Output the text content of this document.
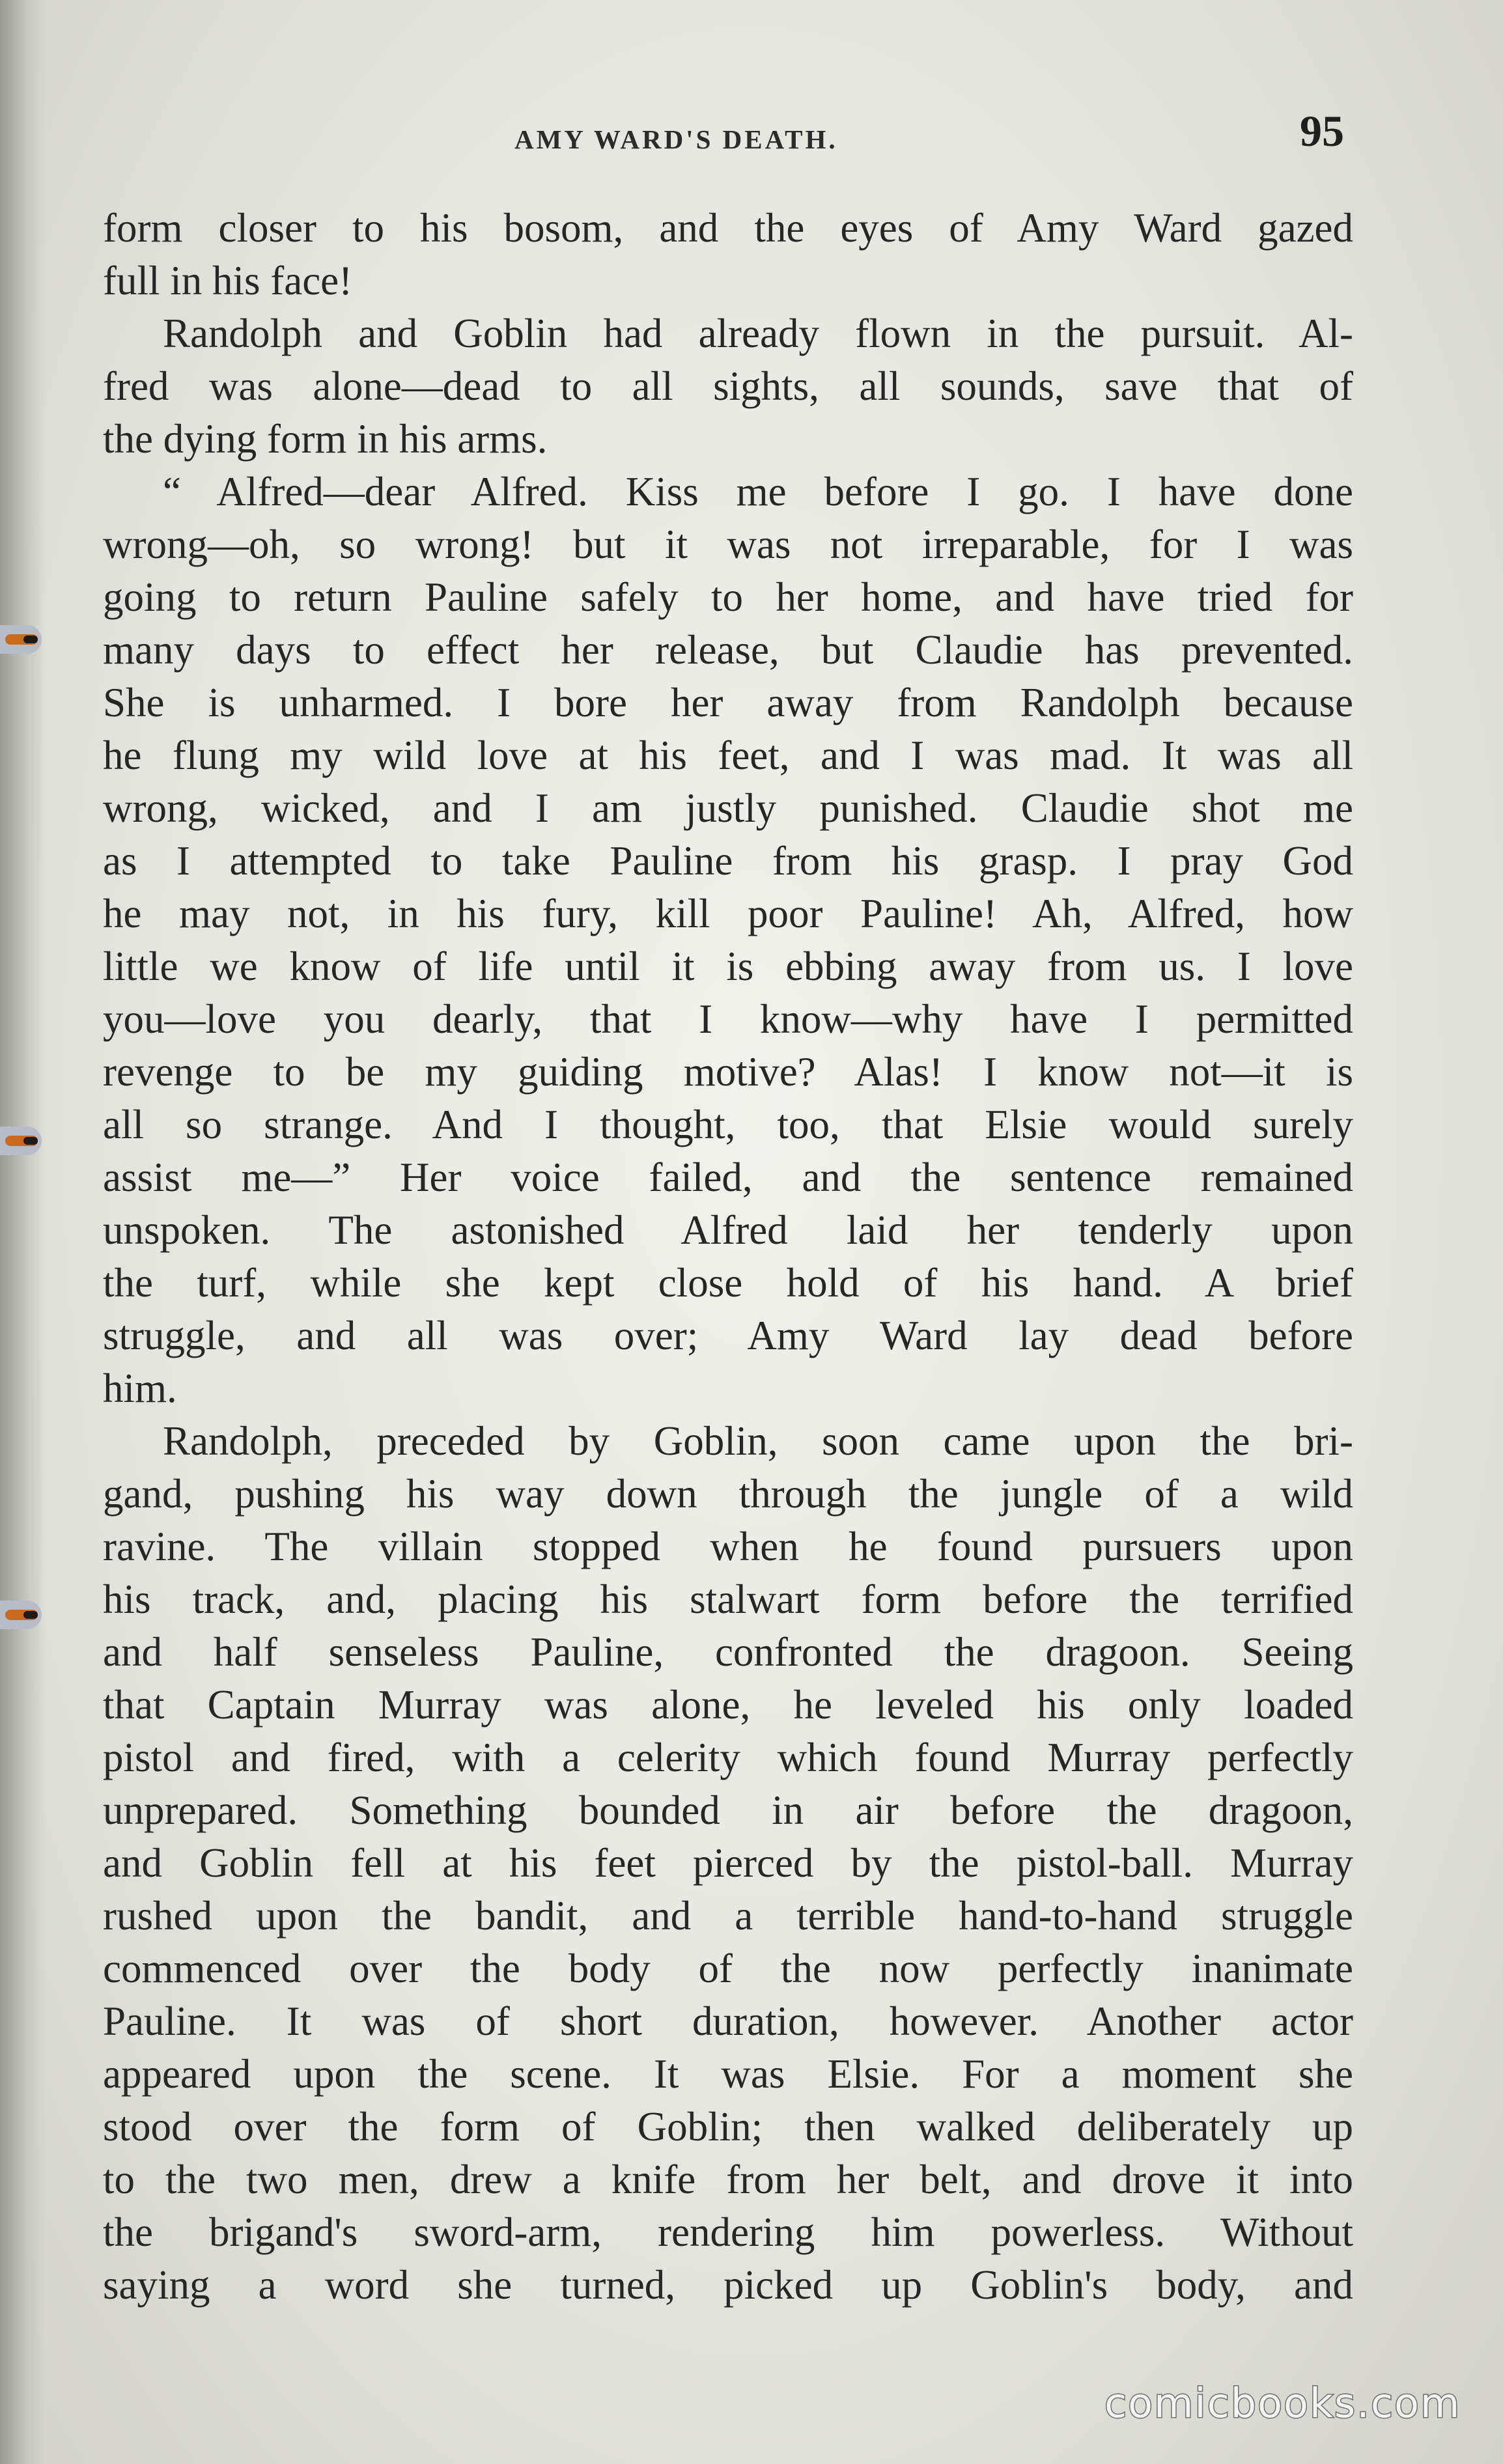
AMY WARD'S DEATH.	95
form closer to his bosom, and the eyes of Amy Ward gazed
full in his face!
Randolph and Goblin had already flown in the pursuit. Al-
fred was alone—dead to all sights, all sounds, save that of
the dying form in his arms.
“ Alfred—dear Alfred. Kiss me before I go. I have done
wrong—oh, so wrong! but it was not irreparable, for I was
going to return Pauline safely to her home, and have tried for
many days to effect her release, but Claudie has prevented.
She is unharmed. I bore her away from Randolph because
he flung my wild love at his feet, and I was mad. It was all
wrong, wicked, and I am justly punished. Claudie shot me
as I attempted to take Pauline from his grasp. I pray God
he may not, in his fury, kill poor Pauline! Ah, Alfred, how
little we know of life until it is ebbing away from us. I love
you—love you dearly, that I know—why have I permitted
revenge to be my guiding motive? Alas! I know not—it is
all so strange. And I thought, too, that Elsie would surely
assist me—” Her voice failed, and the sentence remained
unspoken. The astonished Alfred laid her tenderly upon
the turf, while she kept close hold of his hand. A brief
struggle, and all was over; Amy Ward lay dead before
him.
Randolph, preceded by Goblin, soon came upon the bri-
gand, pushing his way down through the jungle of a wild
ravine. The villain stopped when he found pursuers upon
his track, and, placing his stalwart form before the terrified
and half senseless Pauline, confronted the dragoon. Seeing
that Captain Murray was alone, he leveled his only loaded
pistol and fired, with a celerity which found Murray perfectly
unprepared. Something bounded in air before the dragoon,
and Goblin fell at his feet pierced by the pistol-ball. Murray
rushed upon the bandit, and a terrible hand-to-hand struggle
commenced over the body of the now perfectly inanimate
Pauline. It was of short duration, however. Another actor
appeared upon the scene. It was Elsie. For a moment she
stood over the form of Goblin; then walked deliberately up
to the two men, drew a knife from her belt, and drove it into
the brigand's sword-arm, rendering him powerless. Without
saying a word she turned, picked up Goblin's body, and
comicbooks.com
